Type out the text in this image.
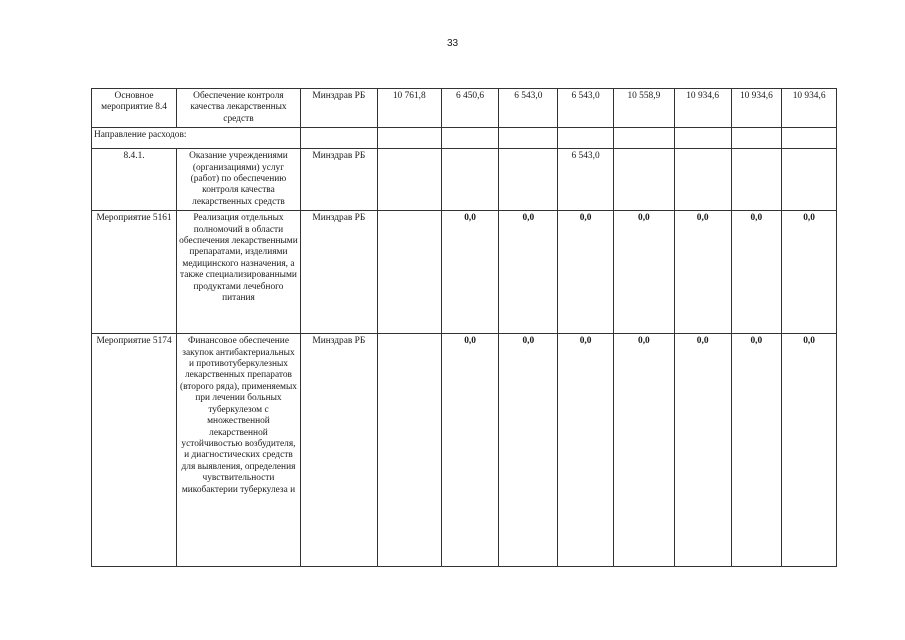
33
Основное мероприятие 8.4	Обеспечение контроля качества лекарственных средств	Минздрав РБ	10 761,8	6 450,6	6 543,0	6 543,0	10 558,9	10 934,6	10 934,6	10 934,6
Направление расходов:										
8.4.1.	Оказание учреждениями (организациями) услуг (работ) по обеспечению контроля качества лекарственных средств	Минздрав РБ				6 543,0				
Мероприятие 5161	Реализация отдельных полномочий в области обеспечения лекарственными препаратами, изделиями медицинского назначения, а также специализированными продуктами лечебного питания	Минздрав РБ		0,0	0,0	0,0	0,0	0,0	0,0	0,0
Мероприятие 5174	Финансовое обеспечение закупок антибактериальных и противотуберкулезных лекарственных препаратов (второго ряда), применяемых при лечении больных туберкулезом с множественной лекарственной устойчивостью возбудителя, и диагностических средств для выявления, определения чувствительности микобактерии туберкулеза и	Минздрав РБ		0,0	0,0	0,0	0,0	0,0	0,0	0,0
